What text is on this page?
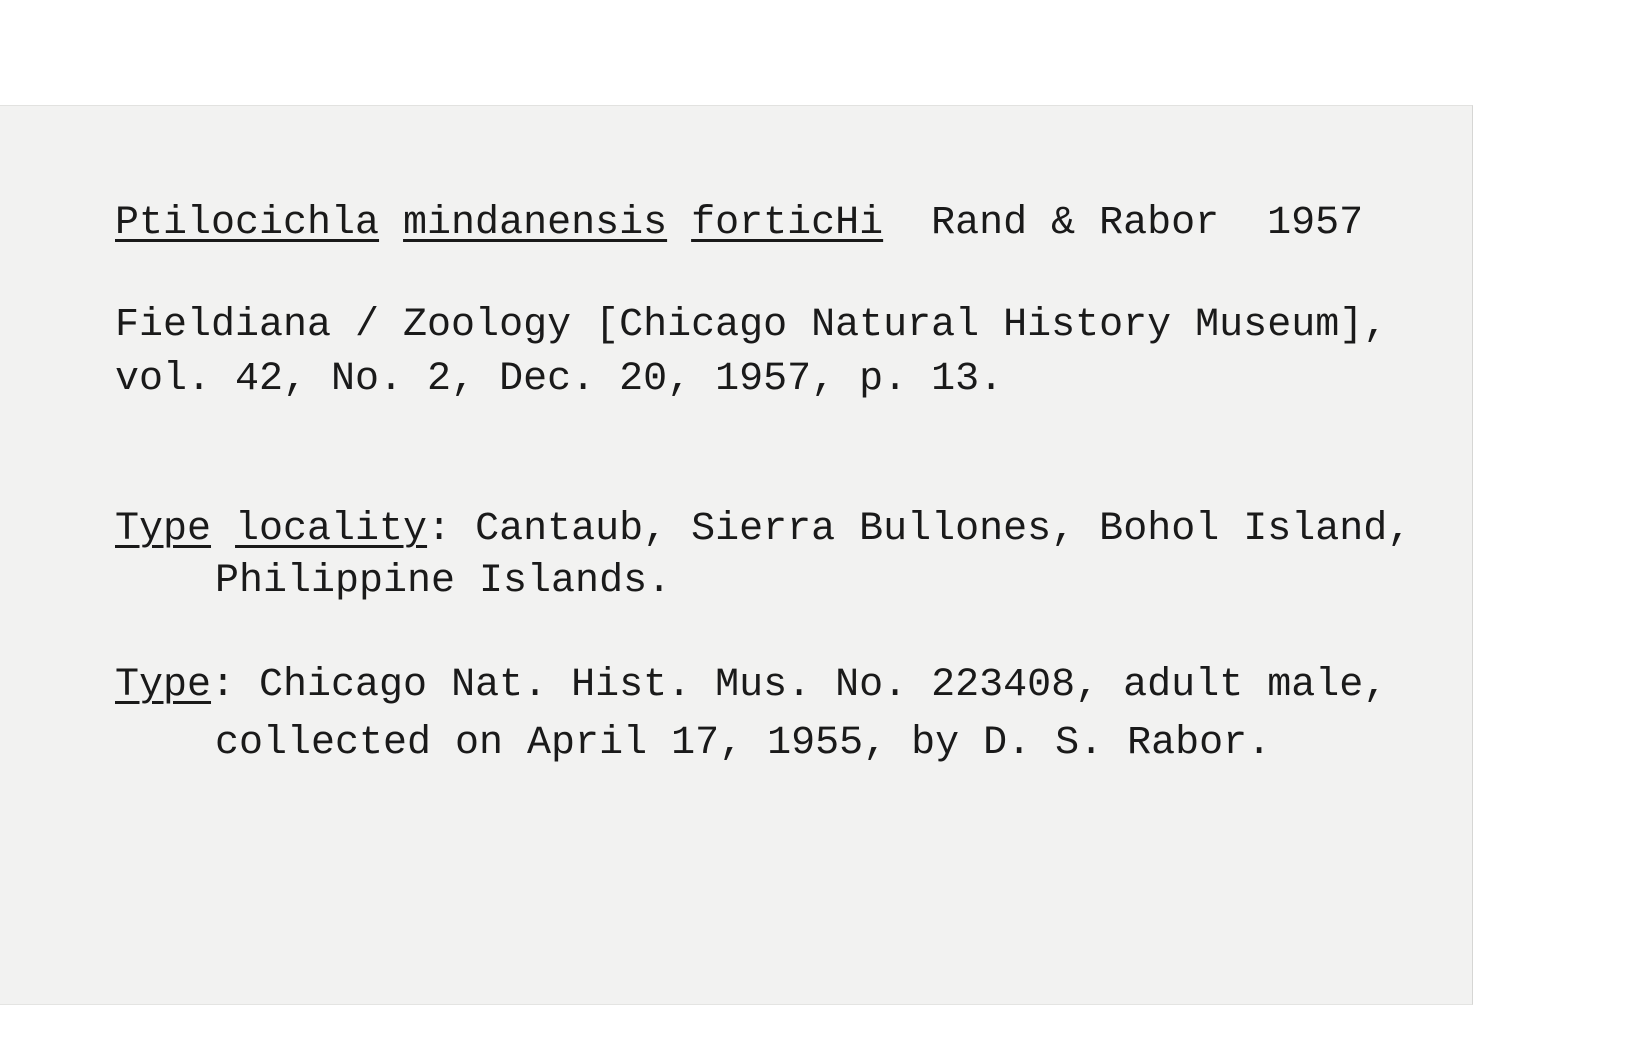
Ptilocichla mindanensis forticHi Rand & Rabor 1957
Fieldiana / Zoology [Chicago Natural History Museum],
vol. 42, No. 2, Dec. 20, 1957, p. 13.
Type locality: Cantaub, Sierra Bullones, Bohol Island,
Philippine Islands.
Type: Chicago Nat. Hist. Mus. No. 223408, adult male,
collected on April 17, 1955, by D. S. Rabor.
